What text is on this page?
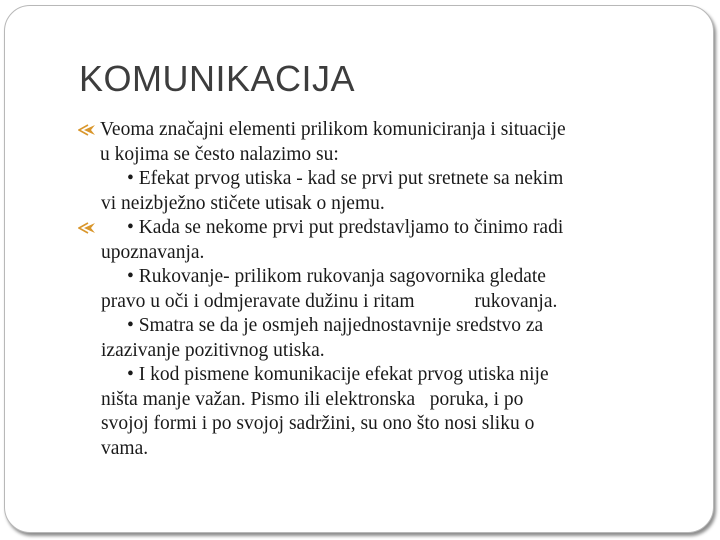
KOMUNIKACIJA
Veoma značajni elementi prilikom komuniciranja i situacije
u kojima se često nalazimo su:
• Efekat prvog utiska - kad se prvi put sretnete sa nekim
vi neizbježno stičete utisak o njemu.
• Kada se nekome prvi put predstavljamo to činimo radi
upoznavanja.
• Rukovanje- prilikom rukovanja sagovornika gledate
pravo u oči i odmjeravate dužinu i ritam	rukovanja.
• Smatra se da je osmjeh najjednostavnije sredstvo za
izazivanje pozitivnog utiska.
• I kod pismene komunikacije efekat prvog utiska nije
ništa manje važan. Pismo ili elektronska   poruka, i po
svojoj formi i po svojoj sadržini, su ono što nosi sliku o
vama.
